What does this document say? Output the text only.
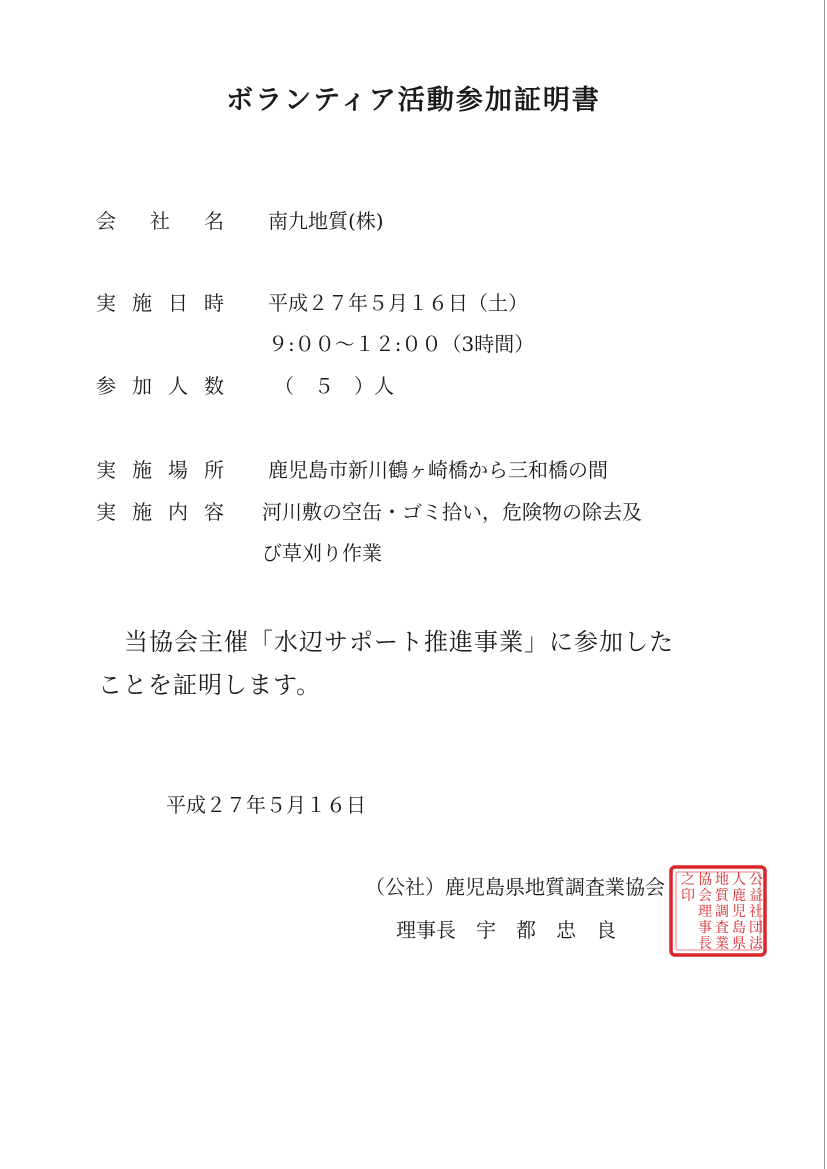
ボランティア活動参加証明書
会 社 名 南九地質(株)
実 施 日 時 平成２７年５月１６日（土）
９:００～１２:００（3時間）
参 加 人 数	（　５　）人
実 施 場 所 鹿児島市新川鶴ヶ崎橋から三和橋の間
実 施 内 容 河川敷の空缶・ゴミ拾い，危険物の除去及
び草刈り作業
当協会主催「水辺サポート推進事業」に参加した
ことを証明します。
平成２７年５月１６日
（公社）鹿児島県地質調査業協会
理事長　宇　都　忠　良
公
益
社
団
法
人
鹿
児
島
県
地
質
調
査
業
協
会
理
事
長
之
印
